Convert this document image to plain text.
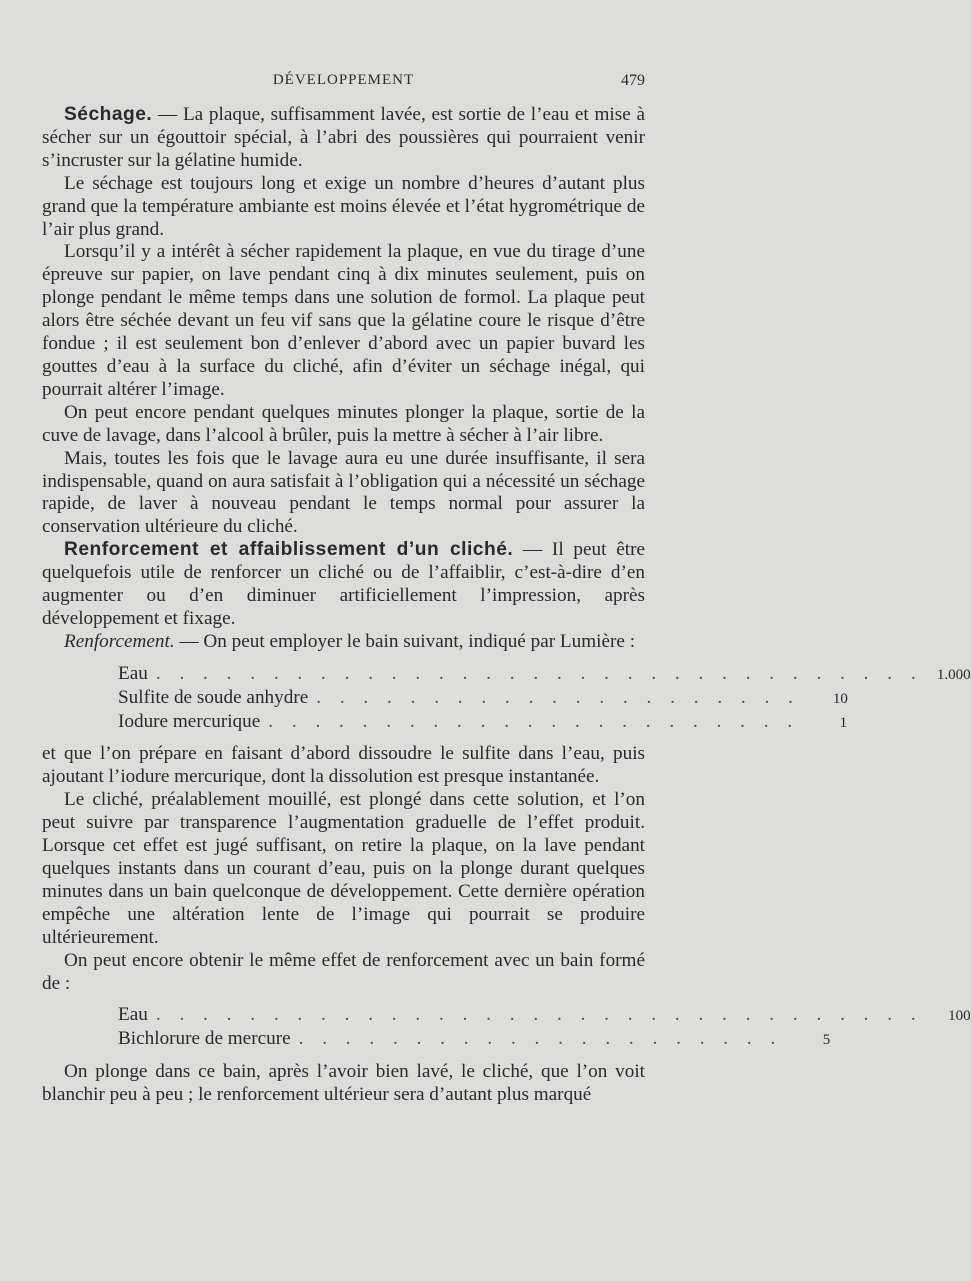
DÉVELOPPEMENT	479

Séchage. — La plaque, suffisamment lavée, est sortie de l’eau et mise à sécher sur un égouttoir spécial, à l’abri des poussières qui pourraient venir s’incruster sur la gélatine humide.

Le séchage est toujours long et exige un nombre d’heures d’autant plus grand que la température ambiante est moins élevée et l’état hygrométrique de l’air plus grand.

Lorsqu’il y a intérêt à sécher rapidement la plaque, en vue du tirage d’une épreuve sur papier, on lave pendant cinq à dix minutes seulement, puis on plonge pendant le même temps dans une solution de formol. La plaque peut alors être séchée devant un feu vif sans que la gélatine coure le risque d’être fondue ; il est seulement bon d’enlever d’abord avec un papier buvard les gouttes d’eau à la surface du cliché, afin d’éviter un séchage inégal, qui pourrait altérer l’image.

On peut encore pendant quelques minutes plonger la plaque, sortie de la cuve de lavage, dans l’alcool à brûler, puis la mettre à sécher à l’air libre.

Mais, toutes les fois que le lavage aura eu une durée insuffisante, il sera indispensable, quand on aura satisfait à l’obligation qui a nécessité un séchage rapide, de laver à nouveau pendant le temps normal pour assurer la conservation ultérieure du cliché.

Renforcement et affaiblissement d’un cliché. — Il peut être quelquefois utile de renforcer un cliché ou de l’affaiblir, c’est-à-dire d’en augmenter ou d’en diminuer artificiellement l’impression, après développement et fixage.

Renforcement. — On peut employer le bain suivant, indiqué par Lumière :

Eau . . . . . . . . . . . . . . . . . . . . . . . . . . . . . . . . . 1.000
Sulfite de soude anhydre . . . . . . . . . . . . . . . . . . . . .	10
Iodure mercurique . . . . . . . . . . . . . . . . . . . . . . .	1

et que l’on prépare en faisant d’abord dissoudre le sulfite dans l’eau, puis ajoutant l’iodure mercurique, dont la dissolution est presque instantanée.

Le cliché, préalablement mouillé, est plongé dans cette solution, et l’on peut suivre par transparence l’augmentation graduelle de l’effet produit. Lorsque cet effet est jugé suffisant, on retire la plaque, on la lave pendant quelques instants dans un courant d’eau, puis on la plonge durant quelques minutes dans un bain quelconque de développement. Cette dernière opération empêche une altération lente de l’image qui pourrait se produire ultérieurement.

On peut encore obtenir le même effet de renforcement avec un bain formé de :

Eau . . . . . . . . . . . . . . . . . . . . . . . . . . . . . . . . .	100
Bichlorure de mercure . . . . . . . . . . . . . . . . . . . . .	5

On plonge dans ce bain, après l’avoir bien lavé, le cliché, que l’on voit blanchir peu à peu ; le renforcement ultérieur sera d’autant plus marqué
